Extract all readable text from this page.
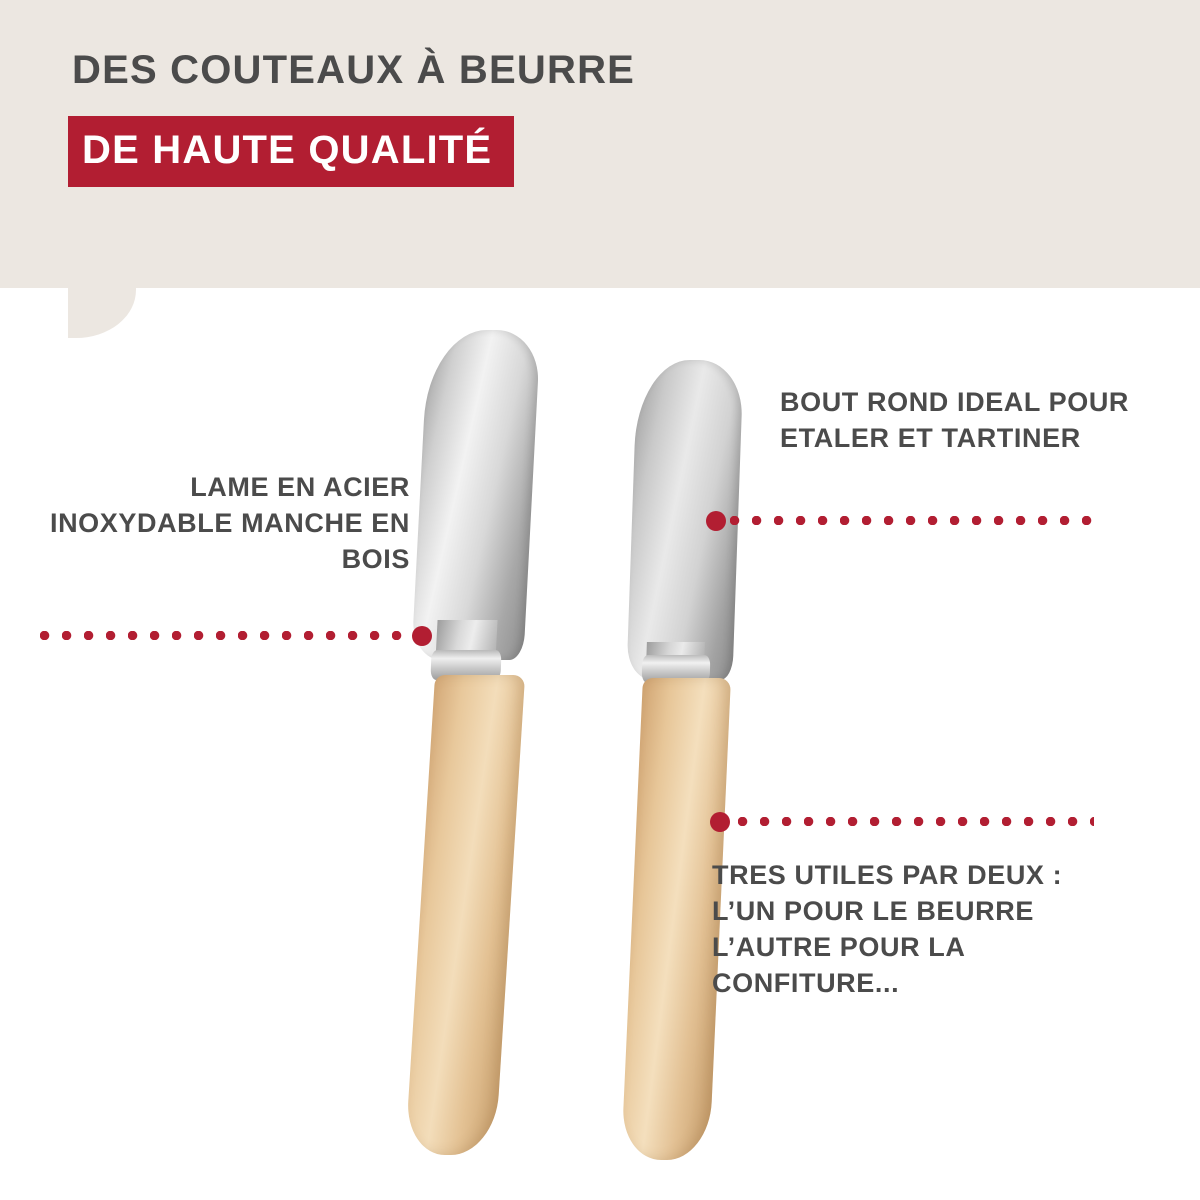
DES COUTEAUX À BEURRE
DE HAUTE QUALITÉ
LAME EN ACIER INOXYDABLE MANCHE EN BOIS
BOUT ROND IDEAL POUR ETALER ET TARTINER
TRES UTILES PAR DEUX : L’UN POUR LE BEURRE L’AUTRE POUR LA CONFITURE...
